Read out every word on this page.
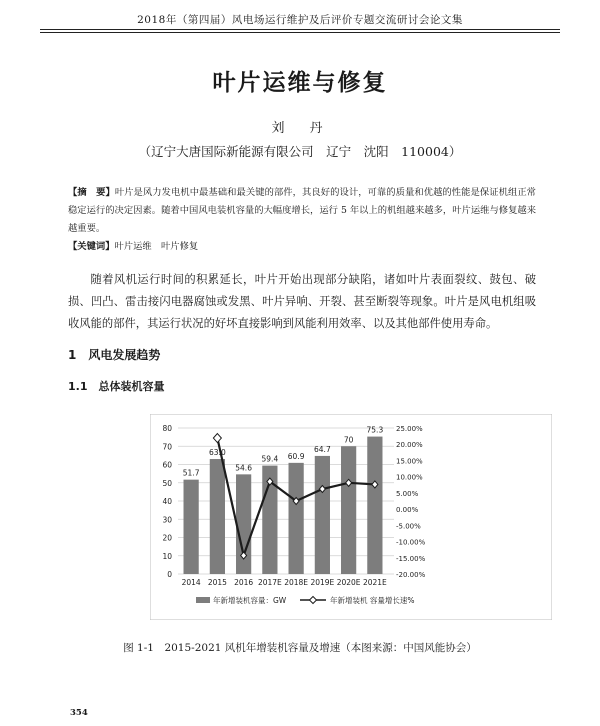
2018年（第四届）风电场运行维护及后评价专题交流研讨会论文集
叶片运维与修复
刘　丹
（辽宁大唐国际新能源有限公司　辽宁　沈阳　110004）
【摘　要】叶片是风力发电机中最基础和最关键的部件，其良好的设计，可靠的质量和优越的性能是保证机组正常稳定运行的决定因素。随着中国风电装机容量的大幅度增长，运行 5 年以上的机组越来越多，叶片运维与修复越来越重要。
【关键词】叶片运维　叶片修复
随着风机运行时间的积累延长，叶片开始出现部分缺陷，诸如叶片表面裂纹、鼓包、破损、凹凸、雷击接闪电器腐蚀或发黑、叶片异响、开裂、甚至断裂等现象。叶片是风电机组吸收风能的部件，其运行状况的好坏直接影响到风能利用效率、以及其他部件使用寿命。
1　风电发展趋势
1.1　总体装机容量
51.7
63.0
54.6
59.4 60.9
64.7
70
75.3
0
10
20
30
40
50
60
70
80
-20.00%
-15.00%
-10.00%
-5.00%
0.00%
5.00%
10.00%
15.00%
20.00%
25.00%
2014 2015 2016 2017E 2018E 2019E 2020E 2021E
年新增装机容量：GW	年新增装机 容量增长速%
图 1-1　2015-2021 风机年增装机容量及增速（本图来源：中国风能协会）
354
